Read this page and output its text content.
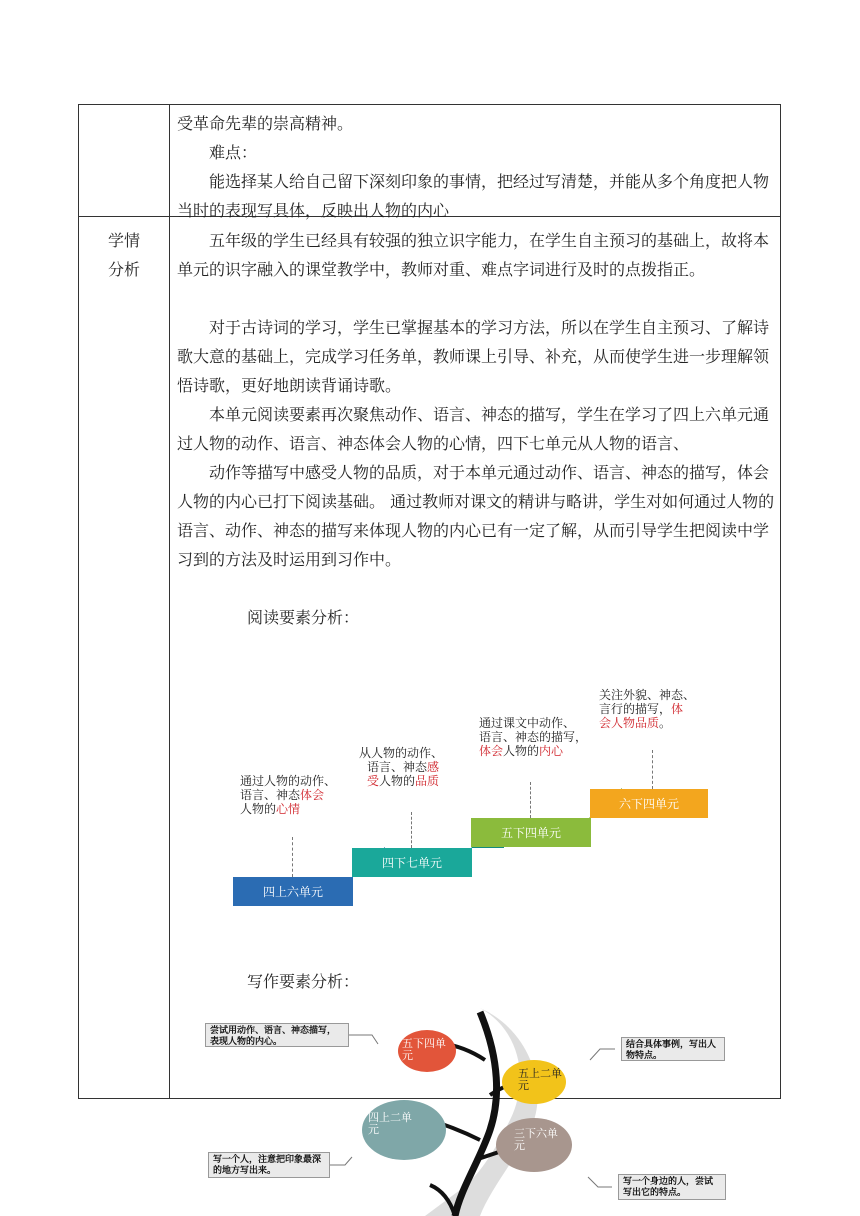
受革命先辈的崇高精神。
难点：
能选择某人给自己留下深刻印象的事情，把经过写清楚，并能从多个角度把人物当时的表现写具体，反映出人物的内心
学情
分析
五年级的学生已经具有较强的独立识字能力，在学生自主预习的基础上，故将本单元的识字融入的课堂教学中，教师对重、难点字词进行及时的点拨指正。
对于古诗词的学习，学生已掌握基本的学习方法，所以在学生自主预习、了解诗歌大意的基础上，完成学习任务单，教师课上引导、补充，从而使学生进一步理解领悟诗歌，更好地朗读背诵诗歌。
本单元阅读要素再次聚焦动作、语言、神态的描写，学生在学习了四上六单元通过人物的动作、语言、神态体会人物的心情，四下七单元从人物的语言、
动作等描写中感受人物的品质，对于本单元通过动作、语言、神态的描写，体会人物的内心已打下阅读基础。 通过教师对课文的精讲与略讲，学生对如何通过人物的语言、动作、神态的描写来体现人物的内心已有一定了解，从而引导学生把阅读中学习到的方法及时运用到习作中。
阅读要素分析：
写作要素分析：
四上六单元
四下七单元
五下四单元
六下四单元
通过人物的动作、
语言、神态体会
人物的心情
从人物的动作、
语言、神态感
受人物的品质
通过课文中动作、
语言、神态的描写，
体会人物的内心
关注外貌、神态、
言行的描写，体
会人物品质。
五下四单元
五上二单元
四上二单元	三下六单元
尝试用动作、语言、神态描写，表现人物的内心。	结合具体事例，写出人物特点。
写一个人，注意把印象最深的地方写出来。
写一个身边的人，尝试写出它的特点。
